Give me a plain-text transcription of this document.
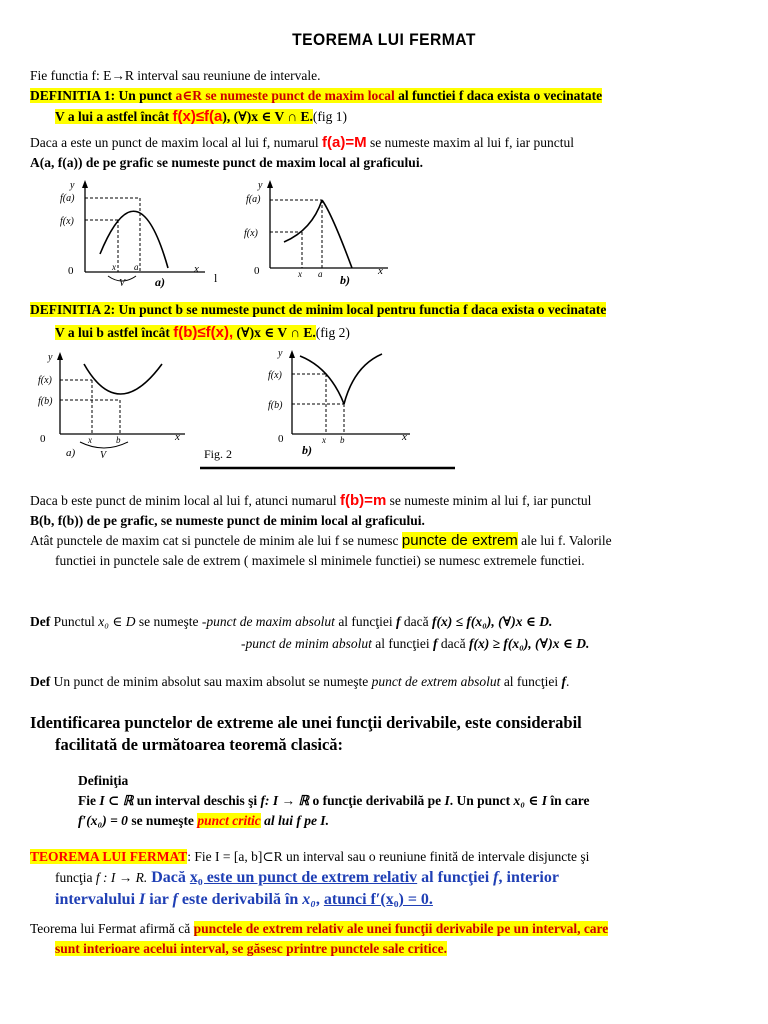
TEOREMA LUI FERMAT
Fie functia f: E→R interval sau reuniune de intervale.
DEFINITIA 1: Un punct a∈R se numeste punct de maxim local al functiei f daca exista o vecinatate
V a lui a astfel încât f(x)≤f(a), (∀)x ∈ V ∩ E.(fig 1)
Daca a este un punct de maxim local al lui f, numarul f(a)=M se numeste maxim al lui f, iar punctul
A(a, f(a)) de pe grafic se numeste punct de maxim local al graficului.
y
f(a)
f(x)
0	x
x a
V a)	l
y
f(a)
f(x)
0	x
x a b)
DEFINITIA 2: Un punct b se numeste punct de minim local pentru functia f daca exista o vecinatate
V a lui b astfel încât f(b)≤f(x), (∀)x ∈ V ∩ E.(fig 2)
y
f(x)
f(b)
0	x
x	b
a) V	Fig. 2
y
f(x)
f(b)
0	x
x b
b)
Daca b este punct de minim local al lui f, atunci numarul f(b)=m se numeste minim al lui f, iar punctul
B(b, f(b)) de pe grafic, se numeste punct de minim local al graficului.
Atât punctele de maxim cat si punctele de minim ale lui f se numesc puncte de extrem ale lui f. Valorile
functiei in punctele sale de extrem ( maximele sl minimele functiei) se numesc extremele functiei.
Def Punctul x₀ ∈ D se numeşte -punct de maxim absolut al funcţiei f dacă f(x) ≤ f(x₀), (∀)x ∈ D.
-punct de minim absolut al funcţiei f dacă f(x) ≥ f(x₀), (∀)x ∈ D.
Def Un punct de minim absolut sau maxim absolut se numeşte punct de extrem absolut al funcţiei f.
Identificarea punctelor de extreme ale unei funcţii derivabile, este considerabil
facilitată de următoarea teoremă clasică:
Definiţia
Fie I ⊂ ℝ un interval deschis şi f: I → ℝ o funcţie derivabilă pe I. Un punct x₀ ∈ I în care
f′(x₀) = 0 se numeşte punct critic al lui f pe I.
TEOREMA LUI FERMAT: Fie I = [a, b]⊂R un interval sau o reuniune finită de intervale disjuncte şi
funcţia f : I → R. Dacă x₀ este un punct de extrem relativ al funcţiei f, interior
intervalului I iar f este derivabilă în x₀, atunci f′(x₀) = 0.
Teorema lui Fermat afirmă că punctele de extrem relativ ale unei funcţii derivabile pe un interval, care
sunt interioare acelui interval, se găsesc printre punctele sale critice.
